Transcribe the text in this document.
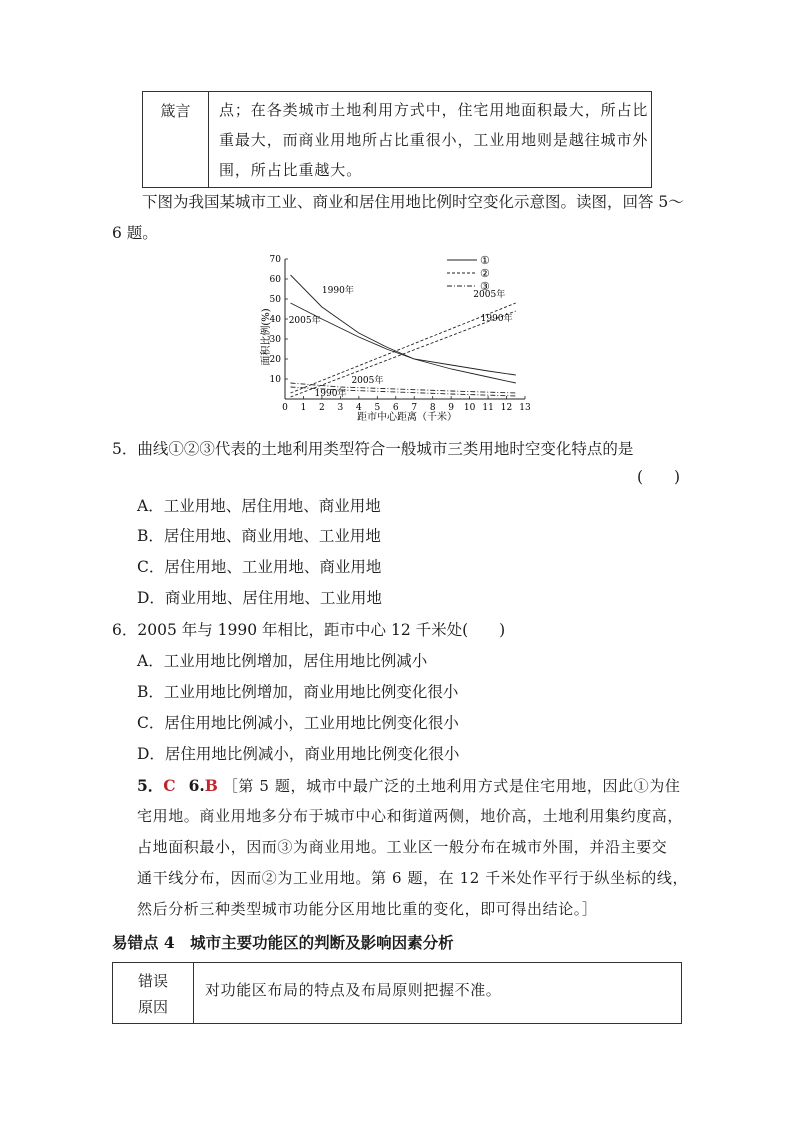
箴言	点；在各类城市土地利用方式中，住宅用地面积最大，所占比
重最大，而商业用地所占比重很小，工业用地则是越往城市外
围，所占比重越大。
下图为我国某城市工业、商业和居住用地比例时空变化示意图。读图，回答 5～
6 题。
0 1 2 3 4 5 6 7 8 9 10 11 12 13
10
20
30
40
50
60
70
1990年
2005年
2005年
1990年
2005年
1990年
①
②
③
面积比例(%)
距市中心距离（千米）
5．曲线①②③代表的土地利用类型符合一般城市三类用地时空变化特点的是
(　　)
A．工业用地、居住用地、商业用地
B．居住用地、商业用地、工业用地
C．居住用地、工业用地、商业用地
D．商业用地、居住用地、工业用地
6．2005 年与 1990 年相比，距市中心 12 千米处(　　)
A．工业用地比例增加，居住用地比例减小
B．工业用地比例增加，商业用地比例变化很小
C．居住用地比例减小，工业用地比例变化很小
D．居住用地比例减小，商业用地比例变化很小
5．C 6.B ［第 5 题，城市中最广泛的土地利用方式是住宅用地，因此①为住
宅用地。商业用地多分布于城市中心和街道两侧，地价高，土地利用集约度高，
占地面积最小，因而③为商业用地。工业区一般分布在城市外围，并沿主要交
通干线分布，因而②为工业用地。第 6 题，在 12 千米处作平行于纵坐标的线，
然后分析三种类型城市功能分区用地比重的变化，即可得出结论。］
易错点 4　城市主要功能区的判断及影响因素分析
错误
原因
对功能区布局的特点及布局原则把握不准。
